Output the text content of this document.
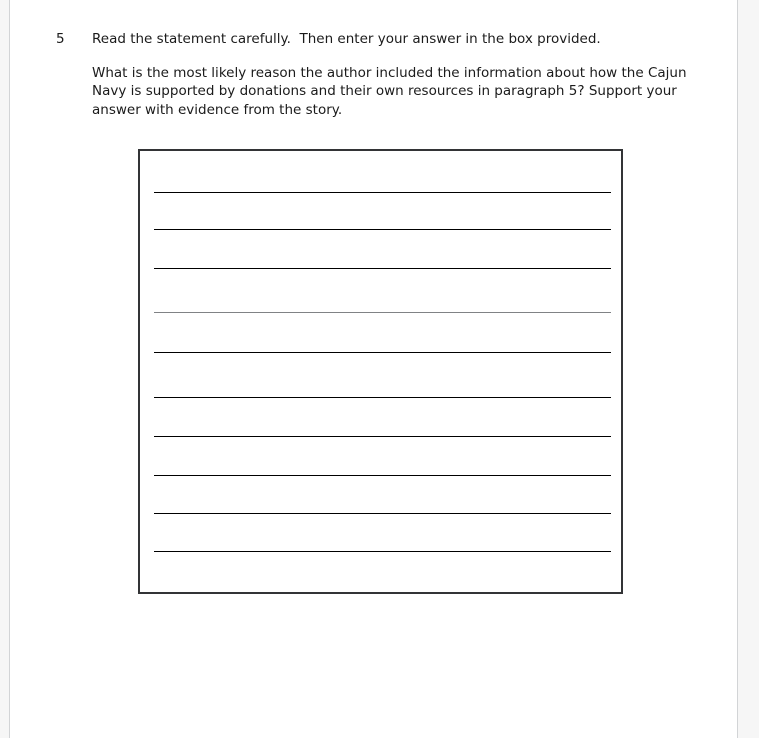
5 Read the statement carefully.  Then enter your answer in the box provided.
What is the most likely reason the author included the information about how the Cajun Navy is supported by donations and their own resources in paragraph 5? Support your answer with evidence from the story.
